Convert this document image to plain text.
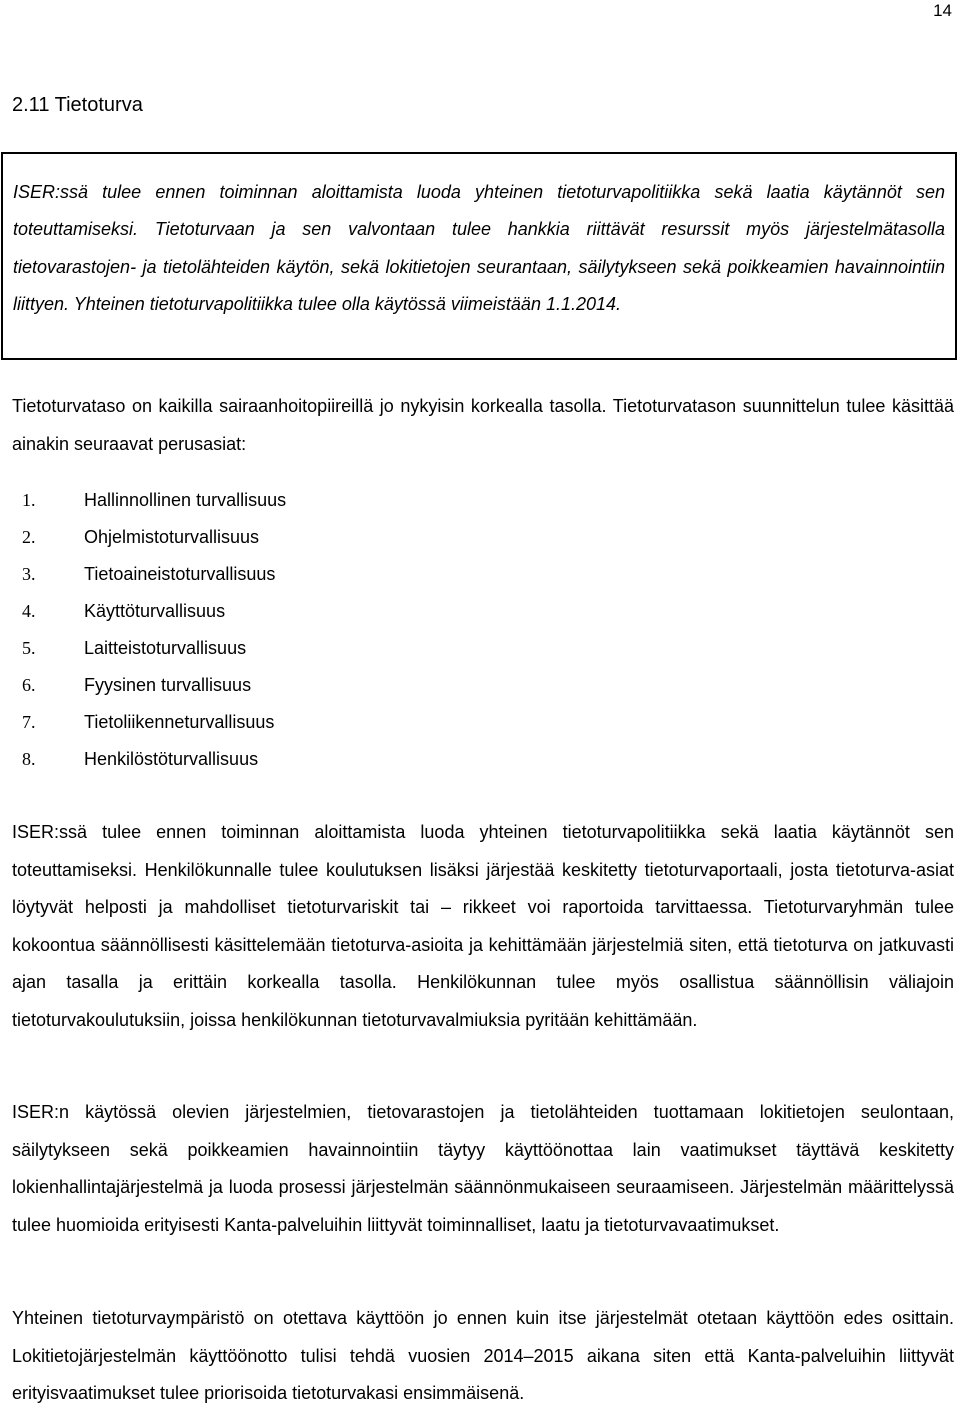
14
2.11 Tietoturva
ISER:ssä tulee ennen toiminnan aloittamista luoda yhteinen tietoturvapolitiikka sekä laatia käytännöt sen toteuttamiseksi. Tietoturvaan ja sen valvontaan tulee hankkia riittävät resurssit myös järjestelmätasolla tietovarastojen- ja tietolähteiden käytön, sekä lokitietojen seurantaan, säilytykseen sekä poikkeamien havainnointiin liittyen. Yhteinen tietoturvapolitiikka tulee olla käytössä viimeistään 1.1.2014.
Tietoturvataso on kaikilla sairaanhoitopiireillä jo nykyisin korkealla tasolla. Tietoturvatason suunnittelun tulee käsittää ainakin seuraavat perusasiat:
1.	Hallinnollinen turvallisuus
2.	Ohjelmistoturvallisuus
3.	Tietoaineistoturvallisuus
4.	Käyttöturvallisuus
5.	Laitteistoturvallisuus
6.	Fyysinen turvallisuus
7.	Tietoliikenneturvallisuus
8.	Henkilöstöturvallisuus
ISER:ssä tulee ennen toiminnan aloittamista luoda yhteinen tietoturvapolitiikka sekä laatia käytännöt sen toteuttamiseksi. Henkilökunnalle tulee koulutuksen lisäksi järjestää keskitetty tietoturvaportaali, josta tietoturva-asiat löytyvät helposti ja mahdolliset tietoturvariskit tai – rikkeet voi raportoida tarvittaessa. Tietoturvaryhmän tulee kokoontua säännöllisesti käsittelemään tietoturva-asioita ja kehittämään järjestelmiä siten, että tietoturva on jatkuvasti ajan tasalla ja erittäin korkealla tasolla. Henkilökunnan tulee myös osallistua säännöllisin väliajoin tietoturvakoulutuksiin, joissa henkilökunnan tietoturvavalmiuksia pyritään kehittämään.
ISER:n käytössä olevien järjestelmien, tietovarastojen ja tietolähteiden tuottamaan lokitietojen seulontaan, säilytykseen sekä poikkeamien havainnointiin täytyy käyttöönottaa lain vaatimukset täyttävä keskitetty lokienhallintajärjestelmä ja luoda prosessi järjestelmän säännönmukaiseen seuraamiseen. Järjestelmän määrittelyssä tulee huomioida erityisesti Kanta-palveluihin liittyvät toiminnalliset, laatu ja tietoturvavaatimukset.
Yhteinen tietoturvaympäristö on otettava käyttöön jo ennen kuin itse järjestelmät otetaan käyttöön edes osittain. Lokitietojärjestelmän käyttöönotto tulisi tehdä vuosien 2014–2015 aikana siten että Kanta-palveluihin liittyvät erityisvaatimukset tulee priorisoida tietoturvakasi ensimmäisenä.
